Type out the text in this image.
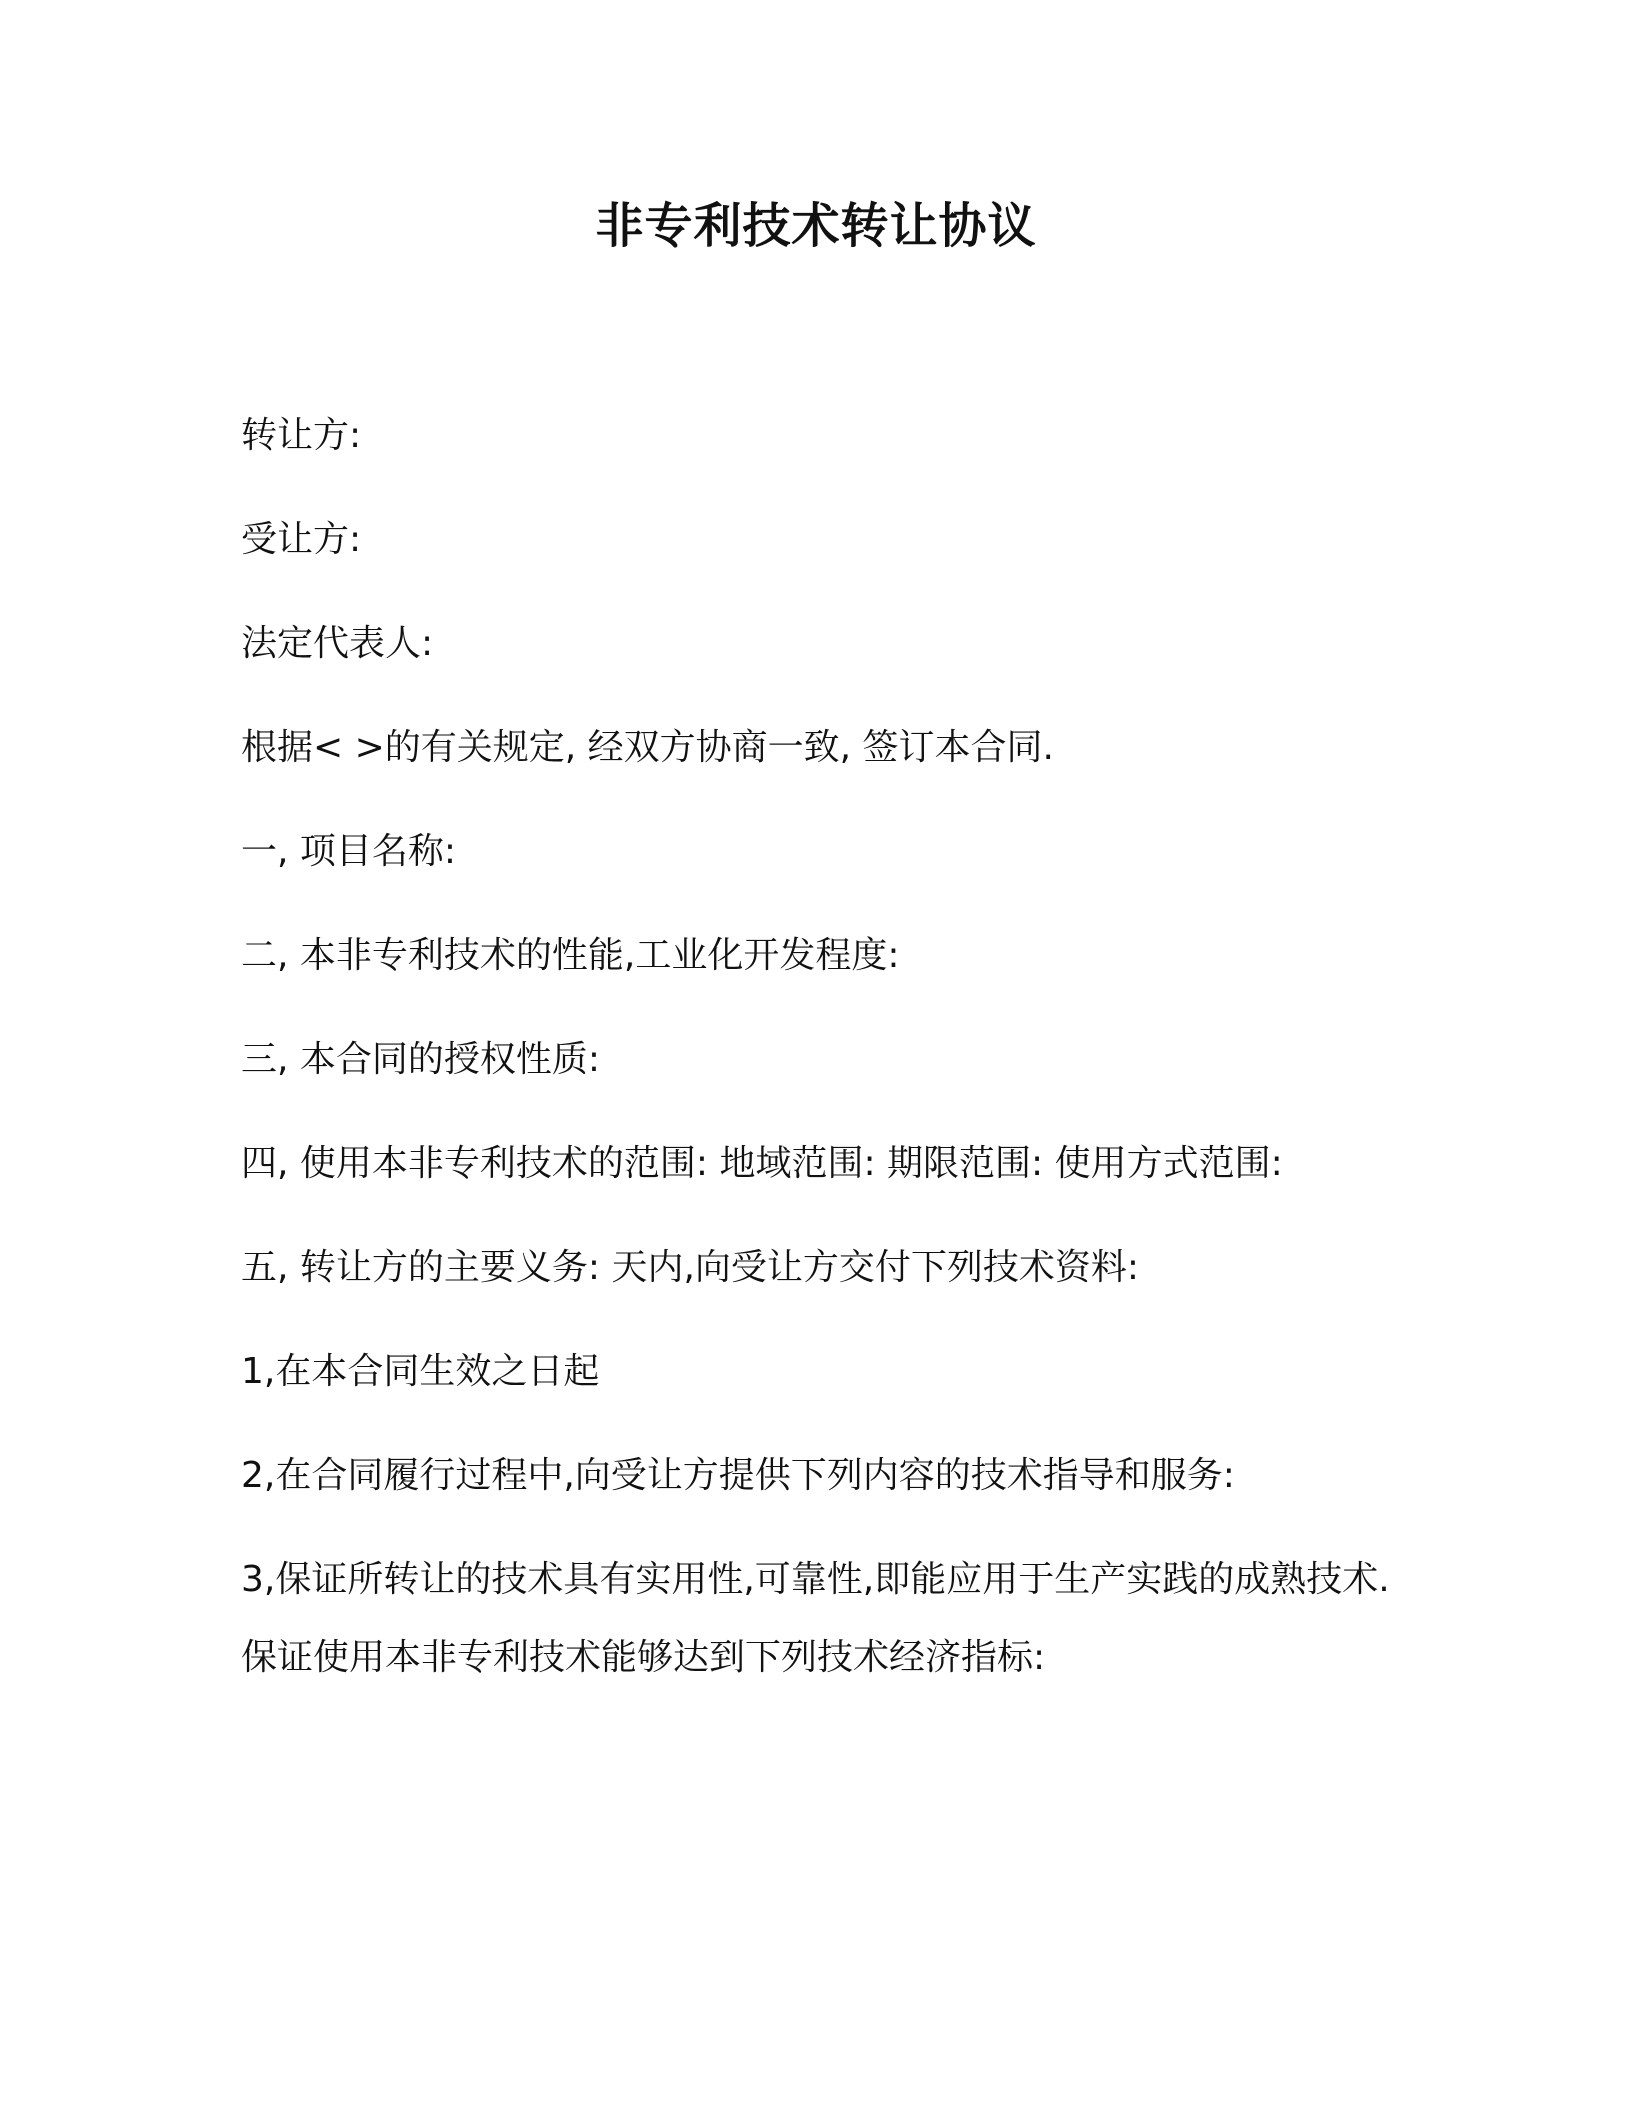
非专利技术转让协议

转让方:

受让方:

法定代表人:

根据< >的有关规定, 经双方协商一致, 签订本合同.

一, 项目名称:

二, 本非专利技术的性能,工业化开发程度:

三, 本合同的授权性质:

四, 使用本非专利技术的范围: 地域范围: 期限范围: 使用方式范围:

五, 转让方的主要义务: 天内,向受让方交付下列技术资料:

1,在本合同生效之日起

2,在合同履行过程中,向受让方提供下列内容的技术指导和服务:

3,保证所转让的技术具有实用性,可靠性,即能应用于生产实践的成熟技术.保证使用本非专利技术能够达到下列技术经济指标:
